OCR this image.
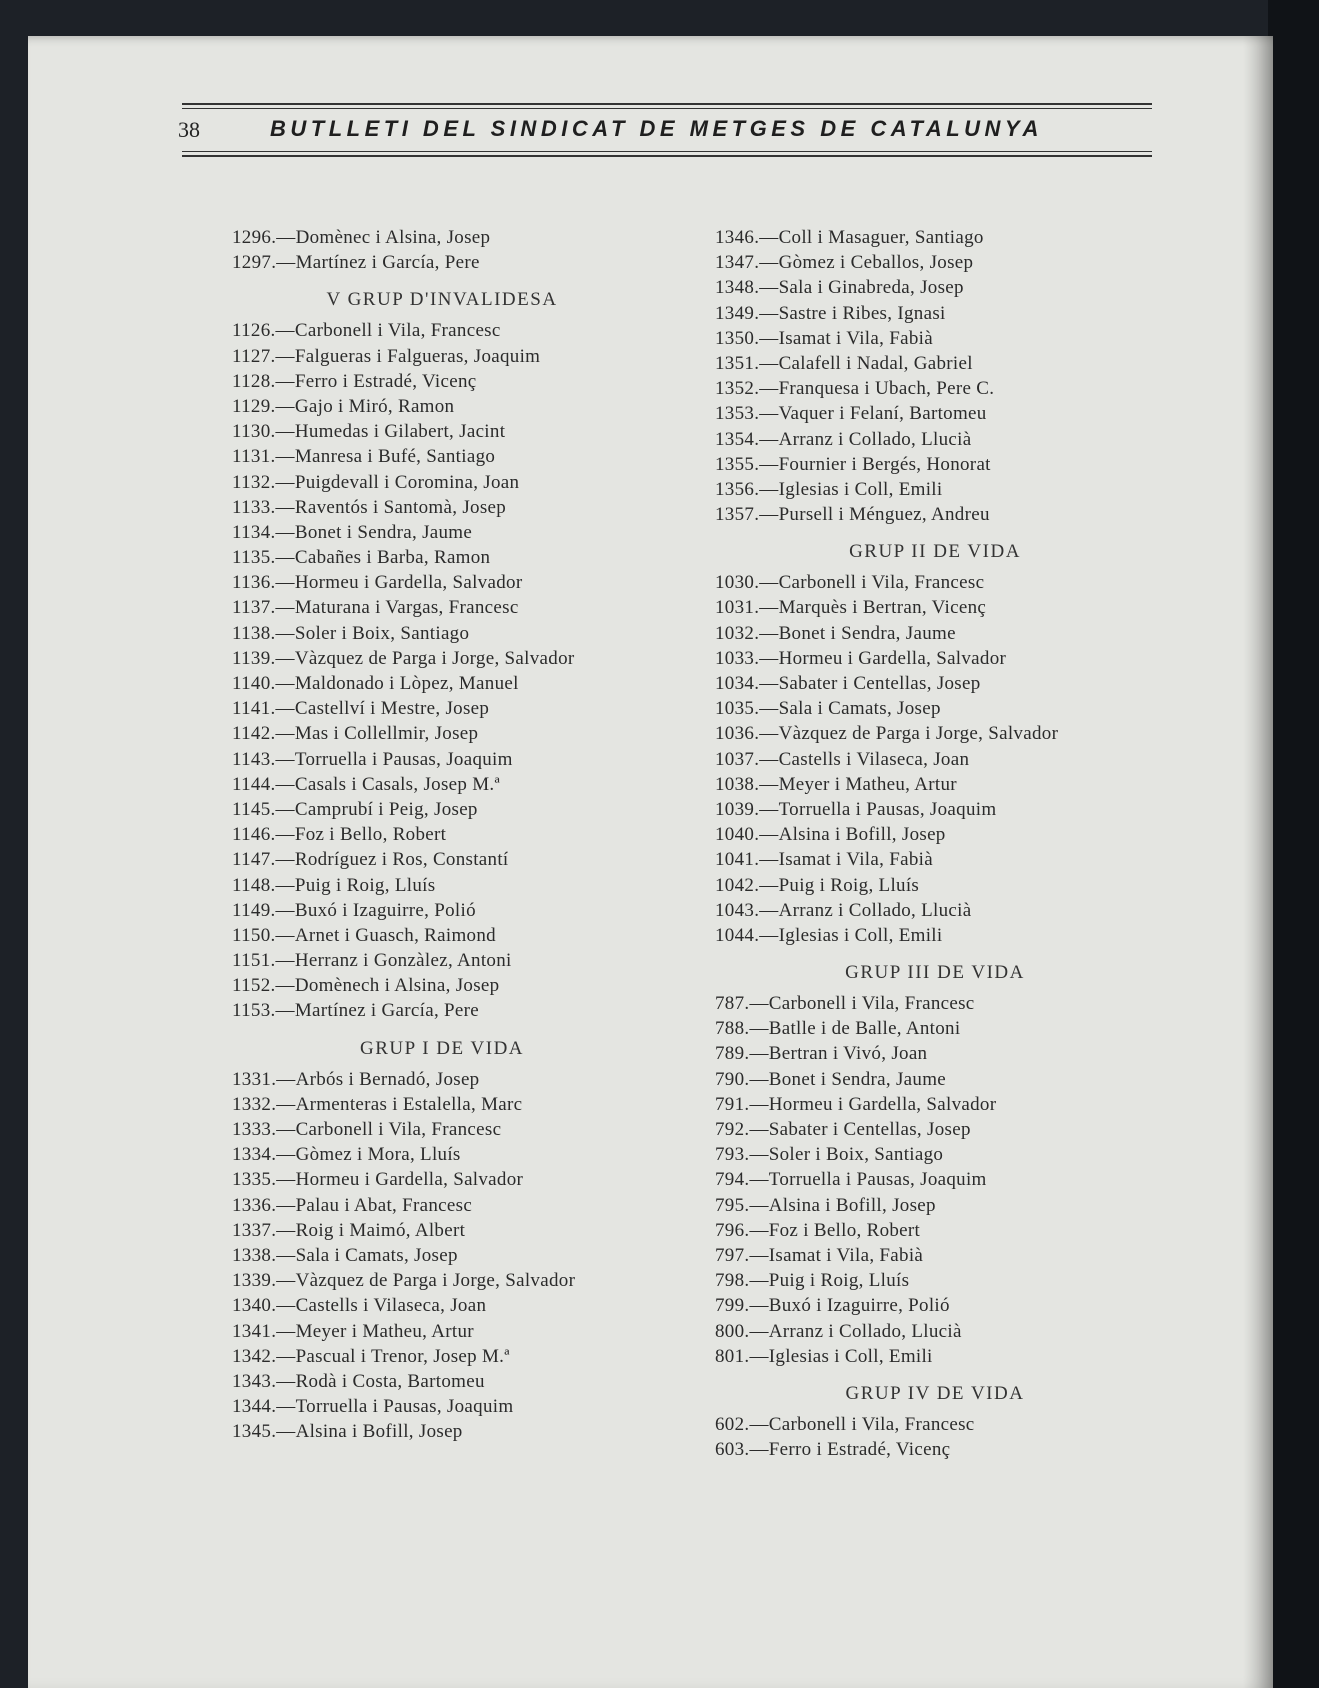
38	BUTLLETI DEL SINDICAT DE METGES DE CATALUNYA
1296.—Domènec i Alsina, Josep
1297.—Martínez i García, Pere
V GRUP D'INVALIDESA
1126.—Carbonell i Vila, Francesc
1127.—Falgueras i Falgueras, Joaquim
1128.—Ferro i Estradé, Vicenç
1129.—Gajo i Miró, Ramon
1130.—Humedas i Gilabert, Jacint
1131.—Manresa i Bufé, Santiago
1132.—Puigdevall i Coromina, Joan
1133.—Raventós i Santomà, Josep
1134.—Bonet i Sendra, Jaume
1135.—Cabañes i Barba, Ramon
1136.—Hormeu i Gardella, Salvador
1137.—Maturana i Vargas, Francesc
1138.—Soler i Boix, Santiago
1139.—Vàzquez de Parga i Jorge, Salvador
1140.—Maldonado i Lòpez, Manuel
1141.—Castellví i Mestre, Josep
1142.—Mas i Collellmir, Josep
1143.—Torruella i Pausas, Joaquim
1144.—Casals i Casals, Josep M.ª
1145.—Camprubí i Peig, Josep
1146.—Foz i Bello, Robert
1147.—Rodríguez i Ros, Constantí
1148.—Puig i Roig, Lluís
1149.—Buxó i Izaguirre, Polió
1150.—Arnet i Guasch, Raimond
1151.—Herranz i Gonzàlez, Antoni
1152.—Domènech i Alsina, Josep
1153.—Martínez i García, Pere
GRUP I DE VIDA
1331.—Arbós i Bernadó, Josep
1332.—Armenteras i Estalella, Marc
1333.—Carbonell i Vila, Francesc
1334.—Gòmez i Mora, Lluís
1335.—Hormeu i Gardella, Salvador
1336.—Palau i Abat, Francesc
1337.—Roig i Maimó, Albert
1338.—Sala i Camats, Josep
1339.—Vàzquez de Parga i Jorge, Salvador
1340.—Castells i Vilaseca, Joan
1341.—Meyer i Matheu, Artur
1342.—Pascual i Trenor, Josep M.ª
1343.—Rodà i Costa, Bartomeu
1344.—Torruella i Pausas, Joaquim
1345.—Alsina i Bofill, Josep
1346.—Coll i Masaguer, Santiago
1347.—Gòmez i Ceballos, Josep
1348.—Sala i Ginabreda, Josep
1349.—Sastre i Ribes, Ignasi
1350.—Isamat i Vila, Fabià
1351.—Calafell i Nadal, Gabriel
1352.—Franquesa i Ubach, Pere C.
1353.—Vaquer i Felaní, Bartomeu
1354.—Arranz i Collado, Llucià
1355.—Fournier i Bergés, Honorat
1356.—Iglesias i Coll, Emili
1357.—Pursell i Ménguez, Andreu
GRUP II DE VIDA
1030.—Carbonell i Vila, Francesc
1031.—Marquès i Bertran, Vicenç
1032.—Bonet i Sendra, Jaume
1033.—Hormeu i Gardella, Salvador
1034.—Sabater i Centellas, Josep
1035.—Sala i Camats, Josep
1036.—Vàzquez de Parga i Jorge, Salvador
1037.—Castells i Vilaseca, Joan
1038.—Meyer i Matheu, Artur
1039.—Torruella i Pausas, Joaquim
1040.—Alsina i Bofill, Josep
1041.—Isamat i Vila, Fabià
1042.—Puig i Roig, Lluís
1043.—Arranz i Collado, Llucià
1044.—Iglesias i Coll, Emili
GRUP III DE VIDA
787.—Carbonell i Vila, Francesc
788.—Batlle i de Balle, Antoni
789.—Bertran i Vivó, Joan
790.—Bonet i Sendra, Jaume
791.—Hormeu i Gardella, Salvador
792.—Sabater i Centellas, Josep
793.—Soler i Boix, Santiago
794.—Torruella i Pausas, Joaquim
795.—Alsina i Bofill, Josep
796.—Foz i Bello, Robert
797.—Isamat i Vila, Fabià
798.—Puig i Roig, Lluís
799.—Buxó i Izaguirre, Polió
800.—Arranz i Collado, Llucià
801.—Iglesias i Coll, Emili
GRUP IV DE VIDA
602.—Carbonell i Vila, Francesc
603.—Ferro i Estradé, Vicenç
